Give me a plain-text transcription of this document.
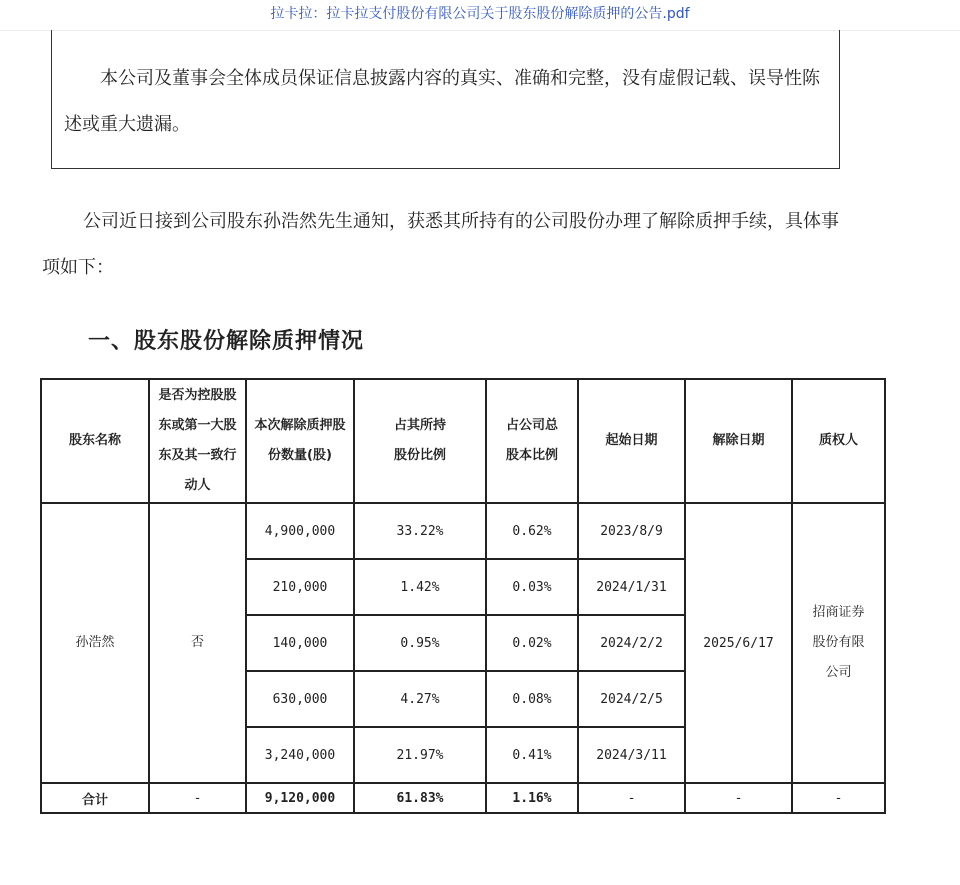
拉卡拉：拉卡拉支付股份有限公司关于股东股份解除质押的公告.pdf

本公司及董事会全体成员保证信息披露内容的真实、准确和完整，没有虚假记载、误导性陈述或重大遗漏。

公司近日接到公司股东孙浩然先生通知，获悉其所持有的公司股份办理了解除质押手续，具体事项如下：

一、股东股份解除质押情况
股东名称	是否为控股股东或第一大股东及其一致行动人	本次解除质押股份数量(股)	占其所持股份比例	占公司总股本比例	起始日期	解除日期	质权人
孙浩然	否	4,900,000	33.22%	0.62%	2023/8/9	2025/6/17	招商证券股份有限公司
		210,000	1.42%	0.03%	2024/1/31		
		140,000	0.95%	0.02%	2024/2/2		
		630,000	4.27%	0.08%	2024/2/5		
		3,240,000	21.97%	0.41%	2024/3/11		
合计	-	9,120,000	61.83%	1.16%	-	-	-
